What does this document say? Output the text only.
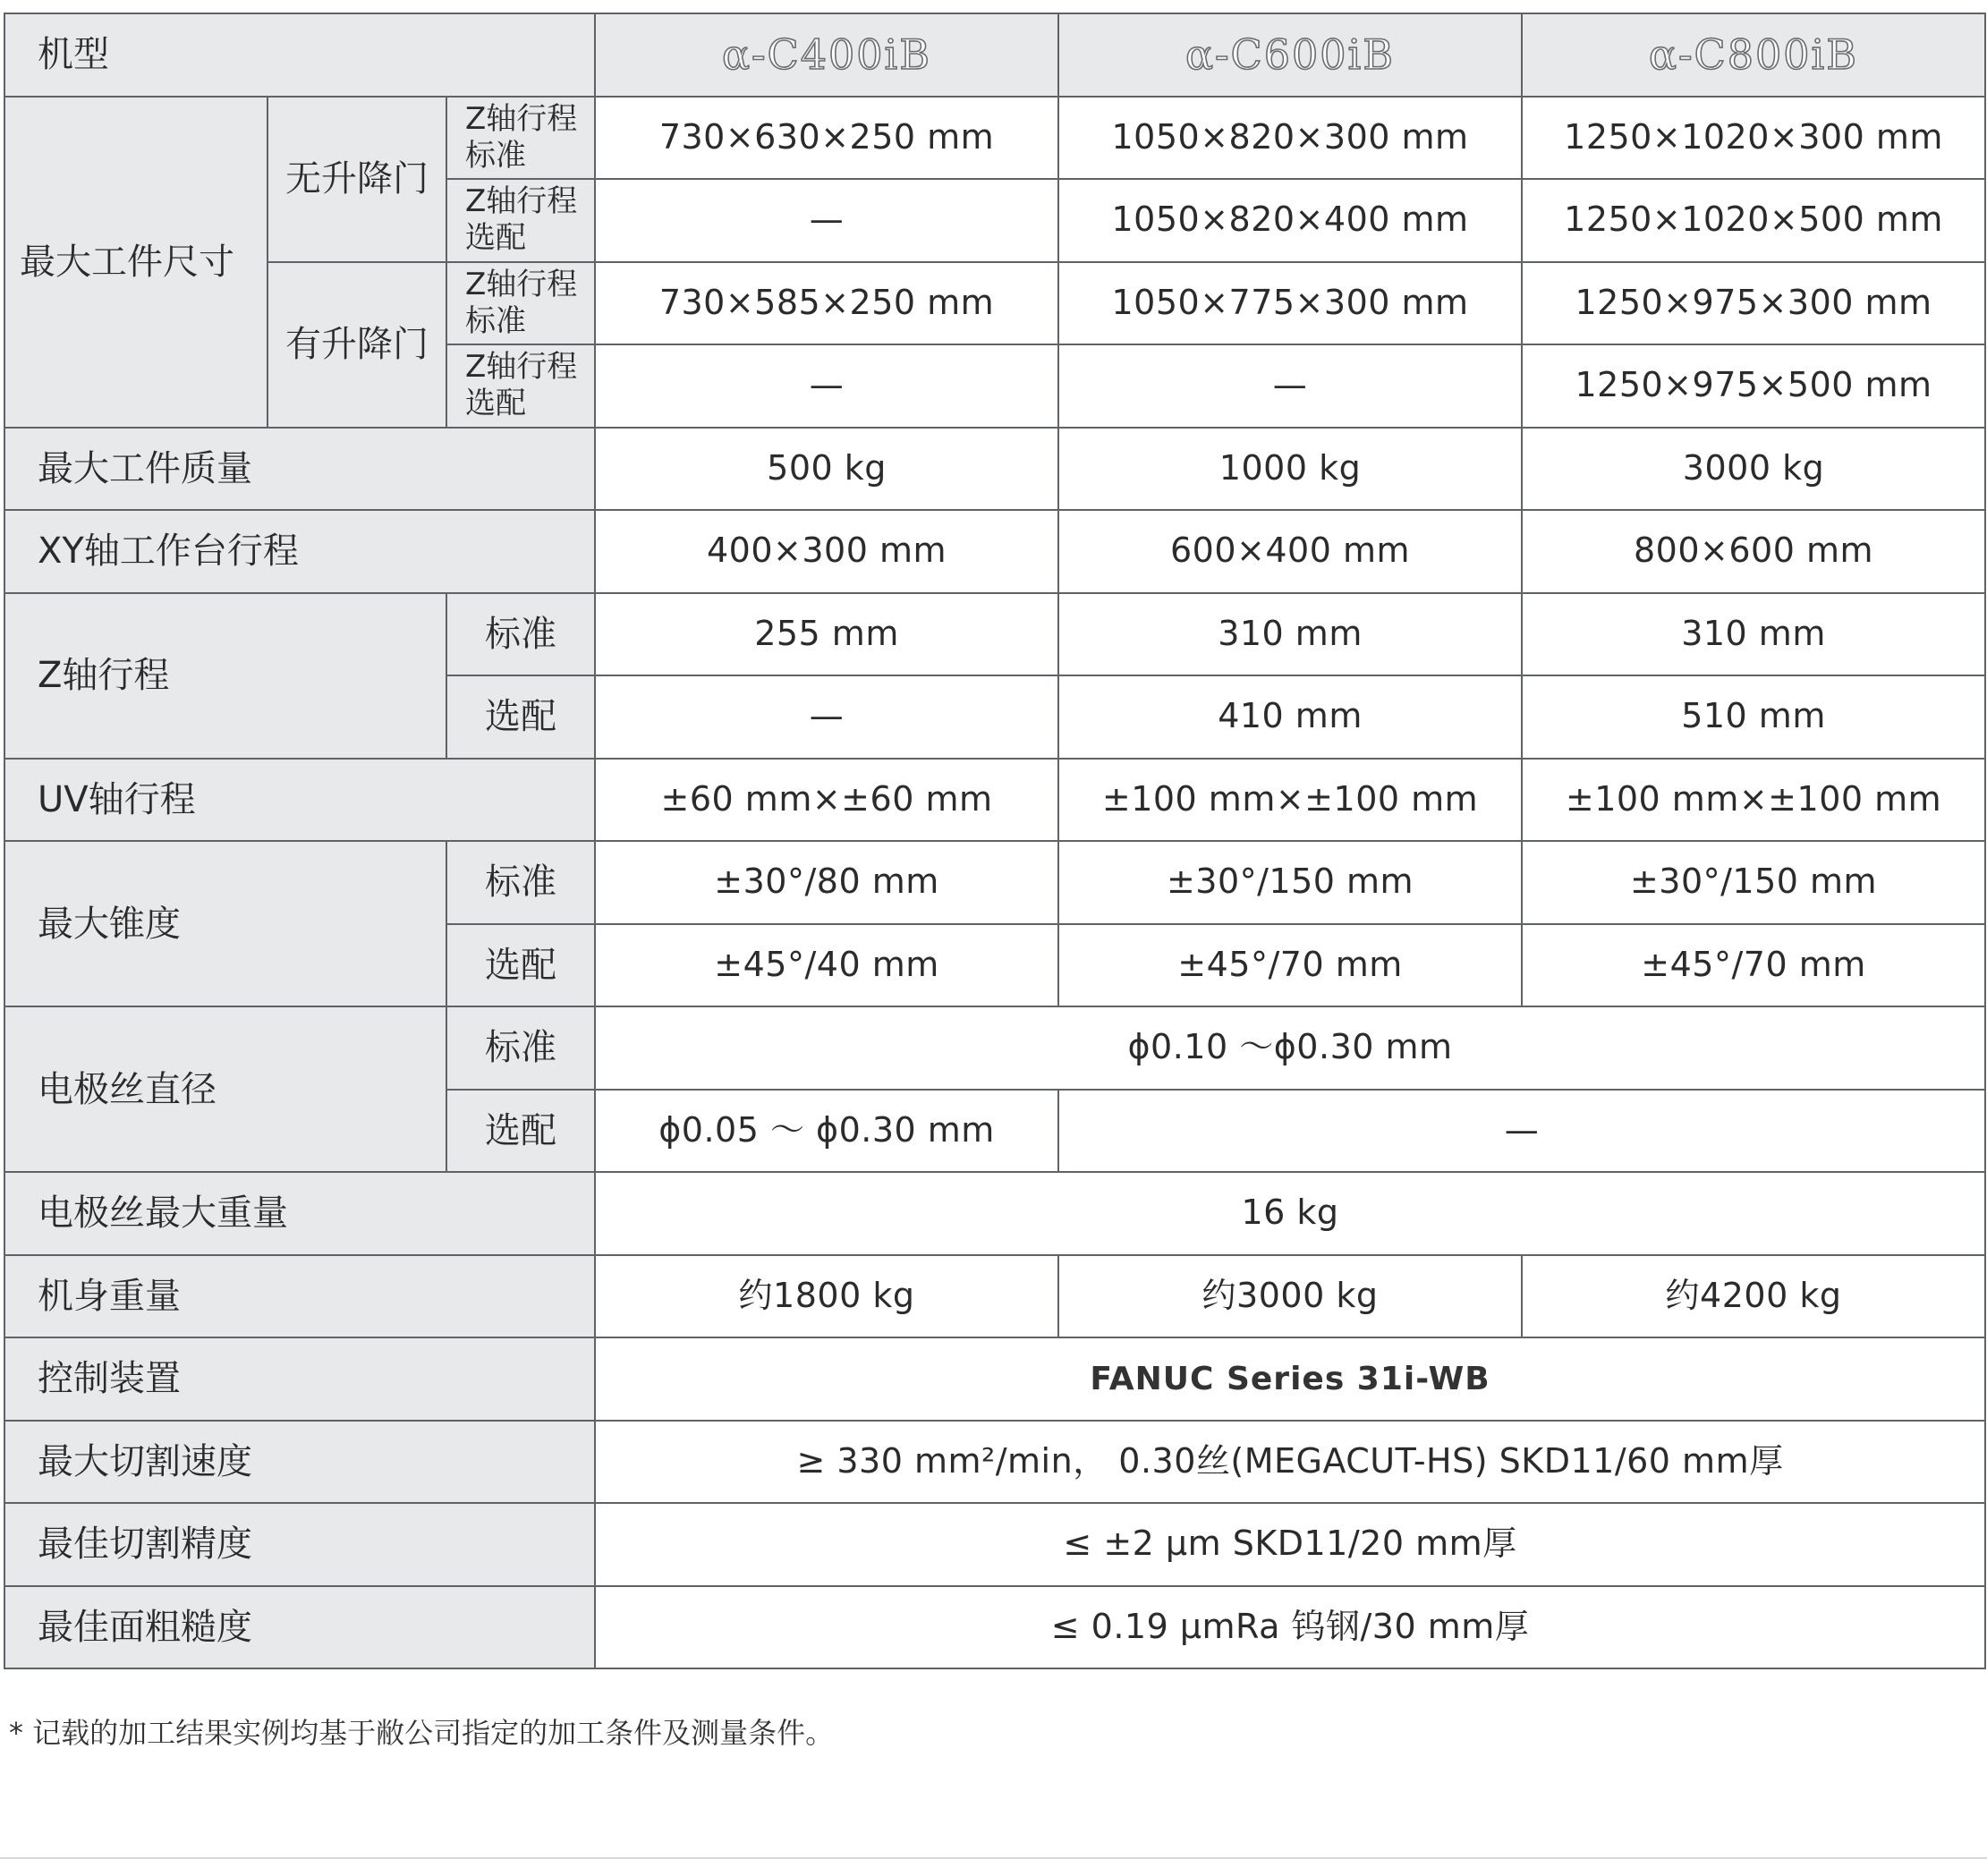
机型			α-C400iB	α-C600iB	α-C800iB
最大工件尺寸	无升降门	Z轴行程标准	730×630×250 mm	1050×820×300 mm	1250×1020×300 mm
		Z轴行程选配	—	1050×820×400 mm	1250×1020×500 mm
	有升降门	Z轴行程标准	730×585×250 mm	1050×775×300 mm	1250×975×300 mm
		Z轴行程选配	—	—	1250×975×500 mm
最大工件质量			500 kg	1000 kg	3000 kg
XY轴工作台行程			400×300 mm	600×400 mm	800×600 mm
Z轴行程		标准	255 mm	310 mm	310 mm
		选配	—	410 mm	510 mm
UV轴行程			±60 mm×±60 mm	±100 mm×±100 mm	±100 mm×±100 mm
最大锥度		标准	±30°/80 mm	±30°/150 mm	±30°/150 mm
		选配	±45°/40 mm	±45°/70 mm	±45°/70 mm
电极丝直径		标准	ϕ0.10 ～ϕ0.30 mm		
		选配	ϕ0.05 ～ ϕ0.30 mm	—	
电极丝最大重量			16 kg		
机身重量			约1800 kg	约3000 kg	约4200 kg
控制装置			FANUC Series 31i-WB		
最大切割速度			≥ 330 mm²/min， 0.30丝(MEGACUT-HS) SKD11/60 mm厚		
最佳切割精度			≤ ±2 μm SKD11/20 mm厚		
最佳面粗糙度			≤ 0.19 μmRa 钨钢/30 mm厚		

* 记载的加工结果实例均基于敝公司指定的加工条件及测量条件。
